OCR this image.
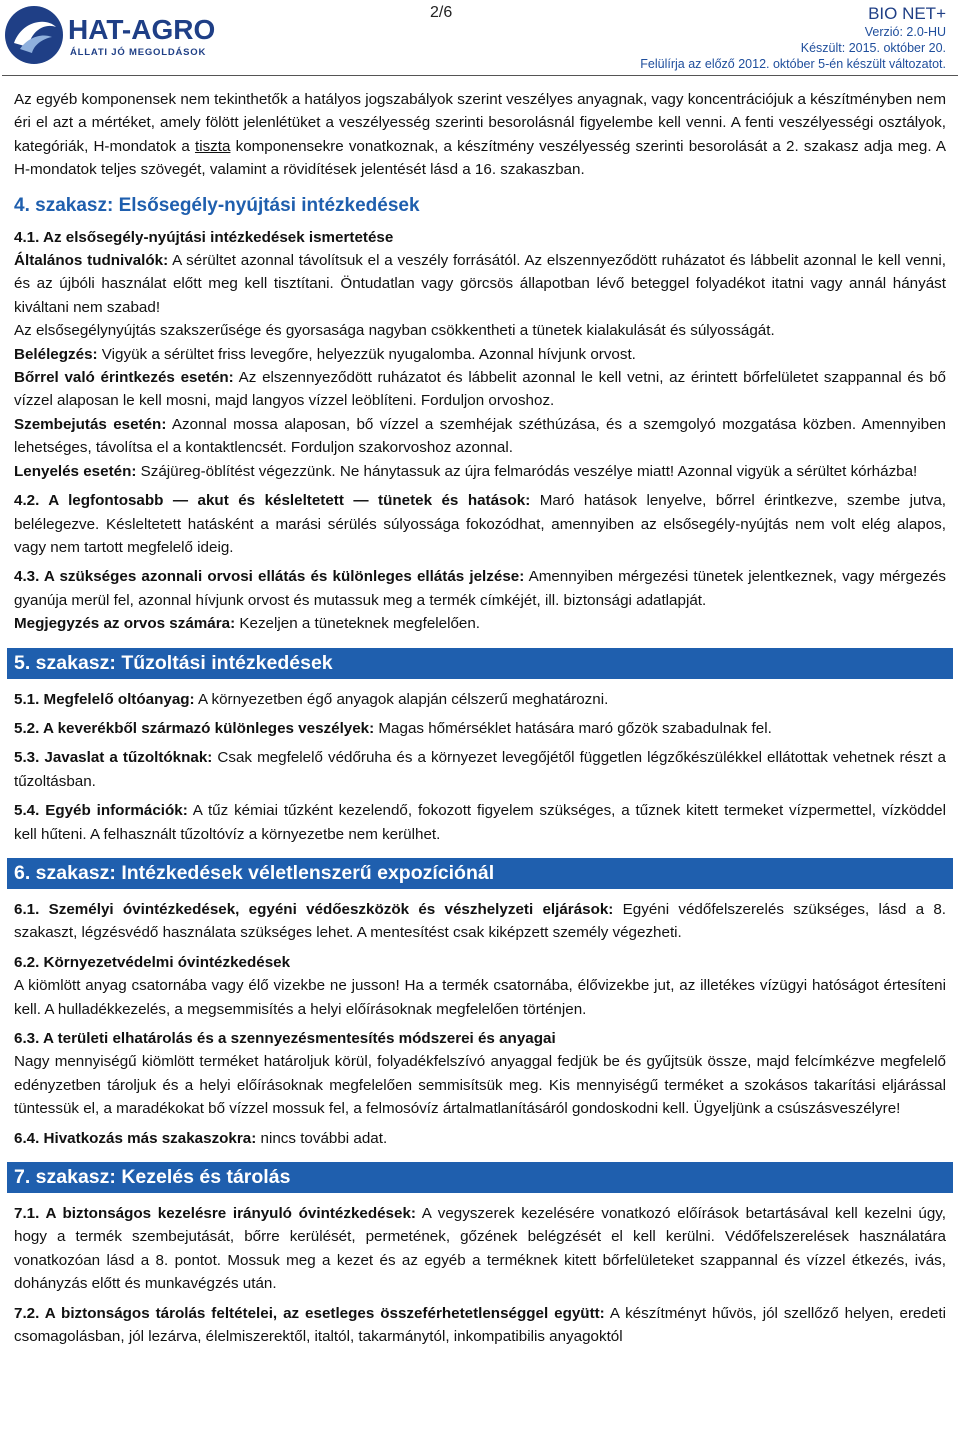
HAT-AGRO
ÁLLATI JÓ MEGOLDÁSOK
2/6	BIO NET+
Verzió: 2.0-HU
Készült: 2015. október 20.
Felülírja az előző 2012. október 5-én készült változatot.

Az egyéb komponensek nem tekinthetők a hatályos jogszabályok szerint veszélyes anyagnak, vagy koncentrációjuk a készítményben nem éri el azt a mértéket, amely fölött jelenlétüket a veszélyesség szerinti besorolásnál figyelembe kell venni. A fenti veszélyességi osztályok, kategóriák, H-mondatok a tiszta komponensekre vonatkoznak, a készítmény veszélyesség szerinti besorolását a 2. szakasz adja meg. A H-mondatok teljes szövegét, valamint a rövidítések jelentését lásd a 16. szakaszban.

4. szakasz: Elsősegély-nyújtási intézkedések

4.1. Az elsősegély-nyújtási intézkedések ismertetése

Általános tudnivalók: A sérültet azonnal távolítsuk el a veszély forrásától. Az elszennyeződött ruházatot és lábbelit azonnal le kell venni, és az újbóli használat előtt meg kell tisztítani. Öntudatlan vagy görcsös állapotban lévő beteggel folyadékot itatni vagy annál hányást kiváltani nem szabad!

Az elsősegélynyújtás szakszerűsége és gyorsasága nagyban csökkentheti a tünetek kialakulását és súlyosságát.

Belélegzés: Vigyük a sérültet friss levegőre, helyezzük nyugalomba. Azonnal hívjunk orvost.

Bőrrel való érintkezés esetén: Az elszennyeződött ruházatot és lábbelit azonnal le kell vetni, az érintett bőrfelületet szappannal és bő vízzel alaposan le kell mosni, majd langyos vízzel leöblíteni. Forduljon orvoshoz.

Szembejutás esetén: Azonnal mossa alaposan, bő vízzel a szemhéjak széthúzása, és a szemgolyó mozgatása közben. Amennyiben lehetséges, távolítsa el a kontaktlencsét. Forduljon szakorvoshoz azonnal.

Lenyelés esetén: Szájüreg-öblítést végezzünk. Ne hánytassuk az újra felmaródás veszélye miatt! Azonnal vigyük a sérültet kórházba!

4.2. A legfontosabb — akut és késleltetett — tünetek és hatások: Maró hatások lenyelve, bőrrel érintkezve, szembe jutva, belélegezve. Késleltetett hatásként a marási sérülés súlyossága fokozódhat, amennyiben az elsősegély-nyújtás nem volt elég alapos, vagy nem tartott megfelelő ideig.

4.3. A szükséges azonnali orvosi ellátás és különleges ellátás jelzése: Amennyiben mérgezési tünetek jelentkeznek, vagy mérgezés gyanúja merül fel, azonnal hívjunk orvost és mutassuk meg a termék címkéjét, ill. biztonsági adatlapját.

Megjegyzés az orvos számára: Kezeljen a tüneteknek megfelelően.

5. szakasz: Tűzoltási intézkedések

5.1. Megfelelő oltóanyag: A környezetben égő anyagok alapján célszerű meghatározni.

5.2. A keverékből származó különleges veszélyek: Magas hőmérséklet hatására maró gőzök szabadulnak fel.

5.3. Javaslat a tűzoltóknak: Csak megfelelő védőruha és a környezet levegőjétől független légzőkészülékkel ellátottak vehetnek részt a tűzoltásban.

5.4. Egyéb információk: A tűz kémiai tűzként kezelendő, fokozott figyelem szükséges, a tűznek kitett termeket vízpermettel, vízköddel kell hűteni. A felhasznált tűzoltóvíz a környezetbe nem kerülhet.

6. szakasz: Intézkedések véletlenszerű expozíciónál

6.1. Személyi óvintézkedések, egyéni védőeszközök és vészhelyzeti eljárások: Egyéni védőfelszerelés szükséges, lásd a 8. szakaszt, légzésvédő használata szükséges lehet. A mentesítést csak kiképzett személy végezheti.

6.2. Környezetvédelmi óvintézkedések

A kiömlött anyag csatornába vagy élő vizekbe ne jusson! Ha a termék csatornába, élővizekbe jut, az illetékes vízügyi hatóságot értesíteni kell. A hulladékkezelés, a megsemmisítés a helyi előírásoknak megfelelően történjen.

6.3. A területi elhatárolás és a szennyezésmentesítés módszerei és anyagai

Nagy mennyiségű kiömlött terméket határoljuk körül, folyadékfelszívó anyaggal fedjük be és gyűjtsük össze, majd felcímkézve megfelelő edényzetben tároljuk és a helyi előírásoknak megfelelően semmisítsük meg. Kis mennyiségű terméket a szokásos takarítási eljárással tüntessük el, a maradékokat bő vízzel mossuk fel, a felmosóvíz ártalmatlanításáról gondoskodni kell. Ügyeljünk a csúszásveszélyre!

6.4. Hivatkozás más szakaszokra: nincs további adat.

7. szakasz: Kezelés és tárolás

7.1. A biztonságos kezelésre irányuló óvintézkedések: A vegyszerek kezelésére vonatkozó előírások betartásával kell kezelni úgy, hogy a termék szembejutását, bőrre kerülését, permetének, gőzének belégzését el kell kerülni. Védőfelszerelések használatára vonatkozóan lásd a 8. pontot. Mossuk meg a kezet és az egyéb a terméknek kitett bőrfelületeket szappannal és vízzel étkezés, ivás, dohányzás előtt és munkavégzés után.

7.2. A biztonságos tárolás feltételei, az esetleges összeférhetetlenséggel együtt: A készítményt hűvös, jól szellőző helyen, eredeti csomagolásban, jól lezárva, élelmiszerektől, italtól, takarmánytól, inkompatibilis anyagoktól
